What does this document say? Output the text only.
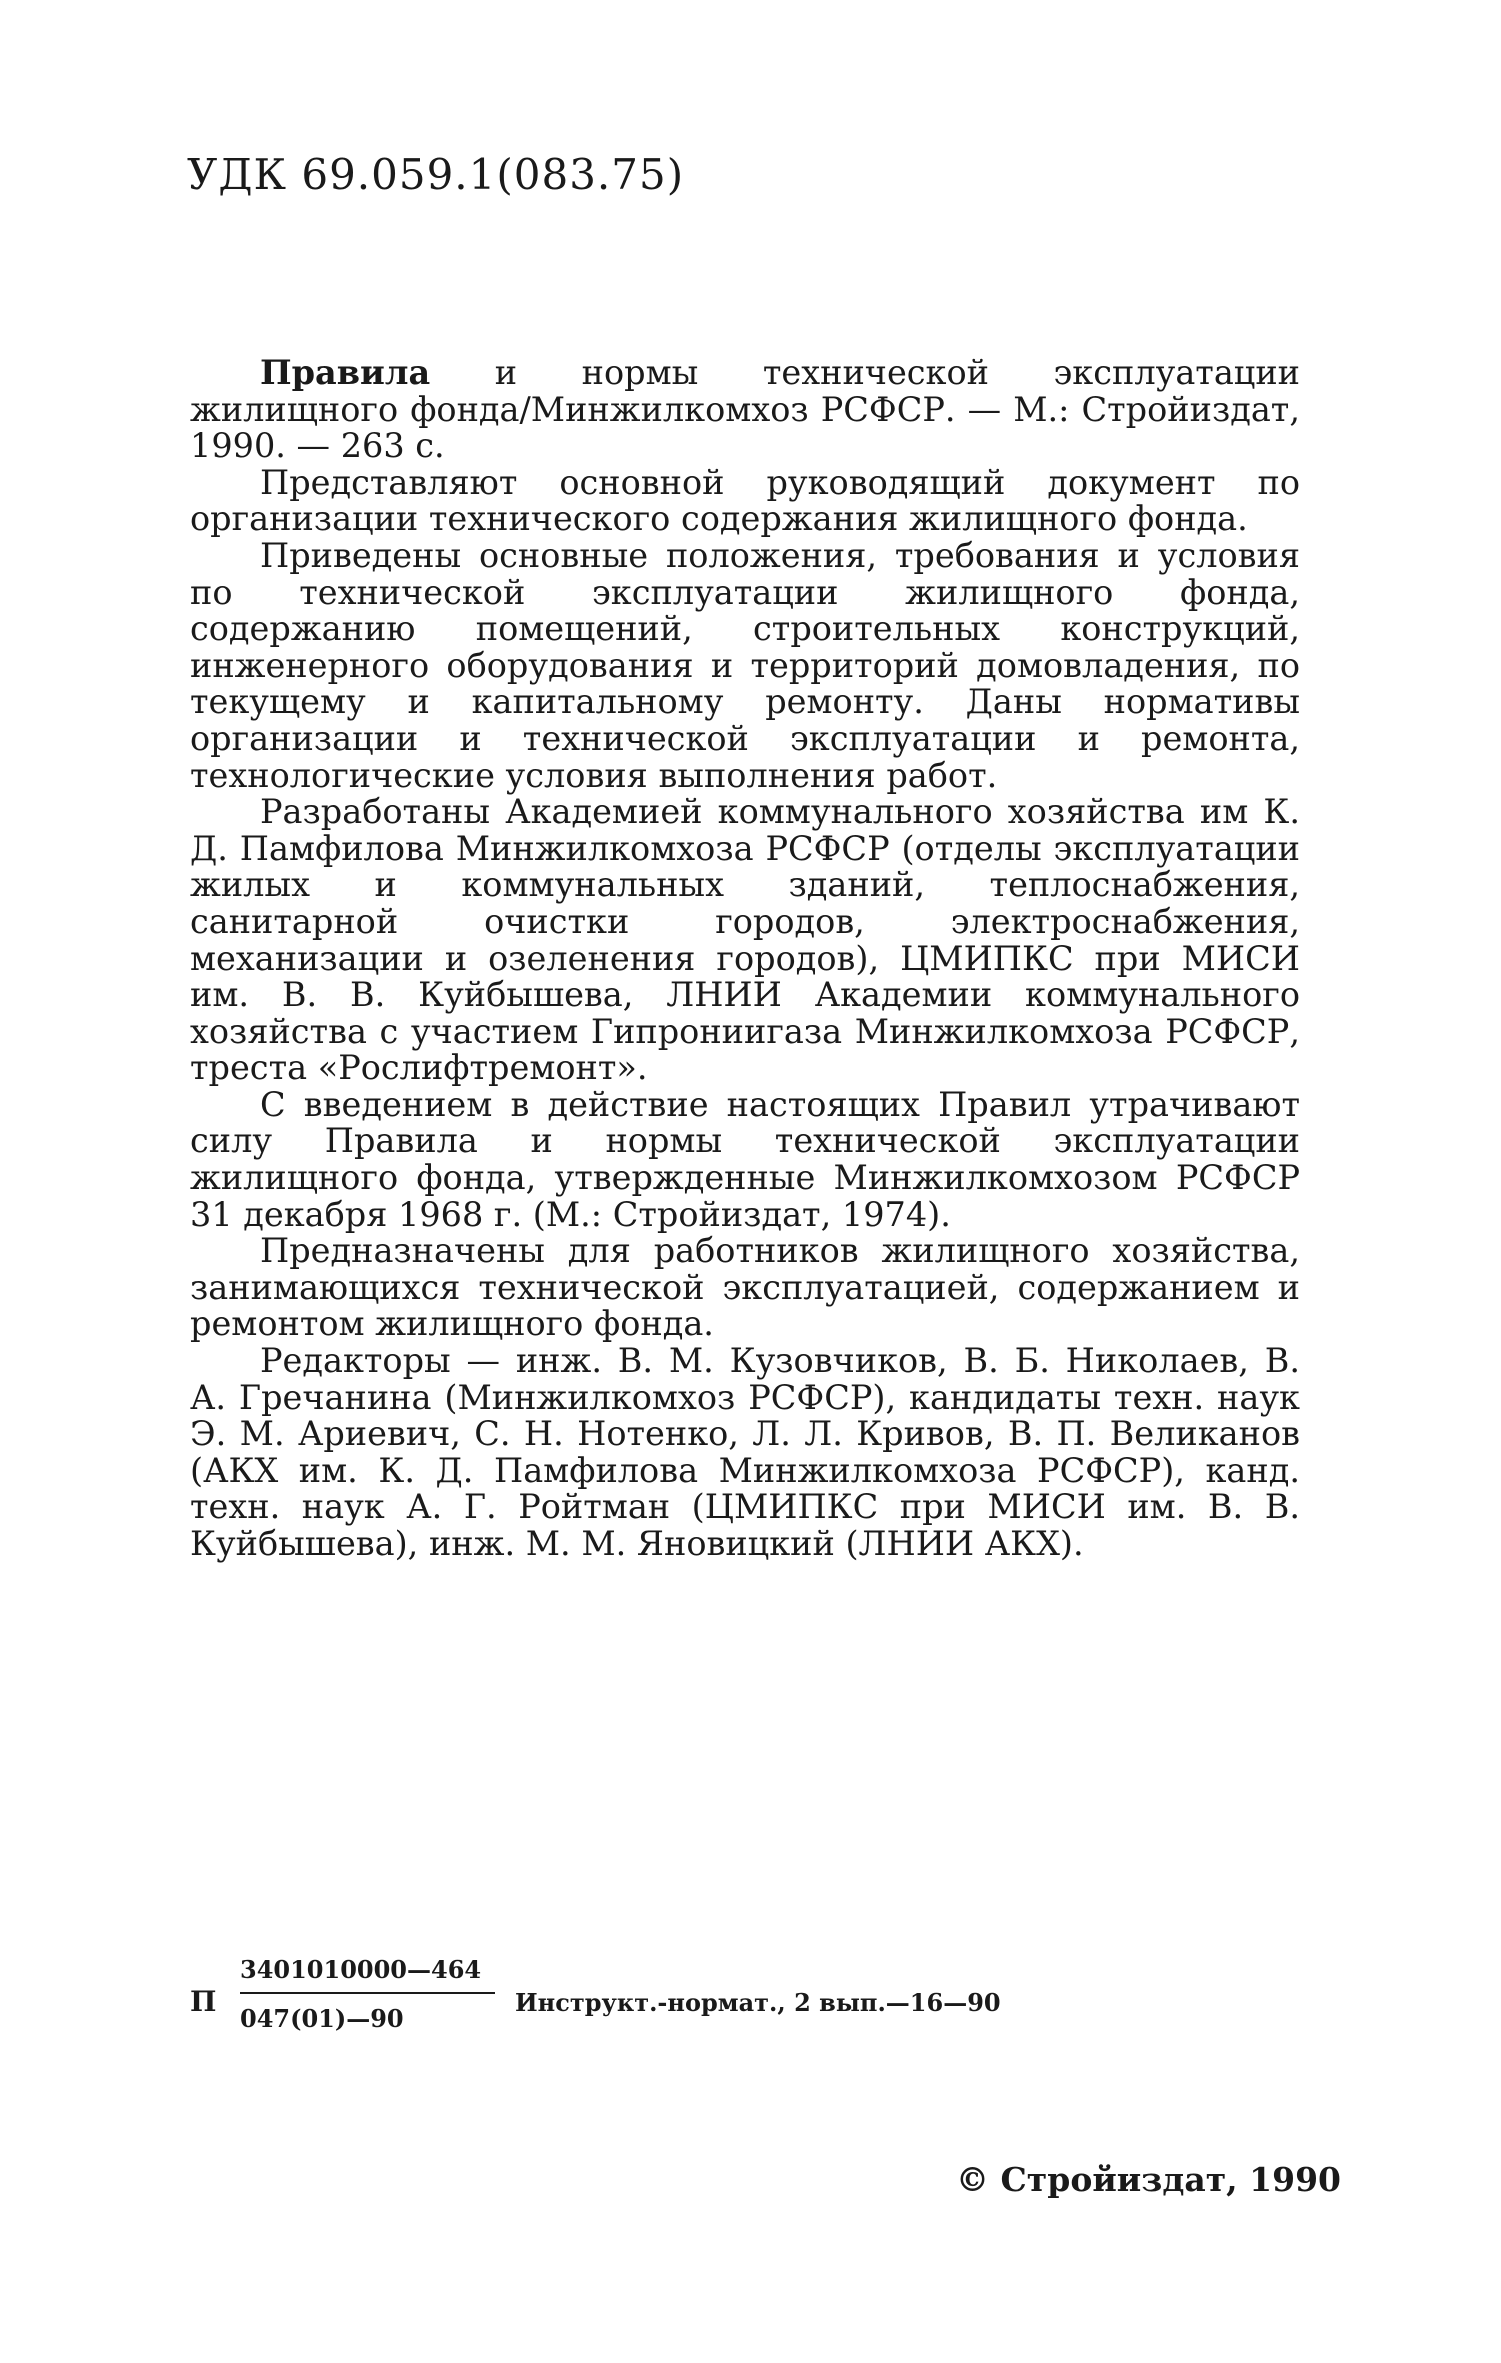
УДК 69.059.1(083.75)

Правила и нормы технической эксплуатации жилищного фонда/Минжилкомхоз РСФСР. — М.: Стройиздат, 1990. — 263 с.

Представляют основной руководящий документ по организации технического содержания жилищного фонда.

Приведены основные положения, требования и условия по технической эксплуатации жилищного фонда, содержанию помещений, строительных конструкций, инженерного оборудования и территорий домовладения, по текущему и капитальному ремонту. Даны нормативы организации и технической эксплуатации и ремонта, технологические условия выполнения работ.

Разработаны Академией коммунального хозяйства им К. Д. Памфилова Минжилкомхоза РСФСР (отделы эксплуатации жилых и коммунальных зданий, теплоснабжения, санитарной очистки городов, электроснабжения, механизации и озеленения городов), ЦМИПКС при МИСИ им. В. В. Куйбышева, ЛНИИ Академии коммунального хозяйства с участием Гипрониигаза Минжилкомхоза РСФСР, треста «Рослифтремонт».

С введением в действие настоящих Правил утрачивают силу Правила и нормы технической эксплуатации жилищного фонда, утвержденные Минжилкомхозом РСФСР 31 декабря 1968 г. (М.: Стройиздат, 1974).

Предназначены для работников жилищного хозяйства, занимающихся технической эксплуатацией, содержанием и ремонтом жилищного фонда.

Редакторы — инж. В. М. Кузовчиков, В. Б. Николаев, В. А. Гречанина (Минжилкомхоз РСФСР), кандидаты техн. наук Э. М. Ариевич, С. Н. Нотенко, Л. Л. Кривов, В. П. Великанов (АКХ им. К. Д. Памфилова Минжилкомхоза РСФСР), канд. техн. наук А. Г. Ройтман (ЦМИПКС при МИСИ им. В. В. Куйбышева), инж. М. М. Яновицкий (ЛНИИ АКХ).

П
3401010000—464
047(01)—90
Инструкт.-нормат., 2 вып.—16—90
© Стройиздат, 1990
